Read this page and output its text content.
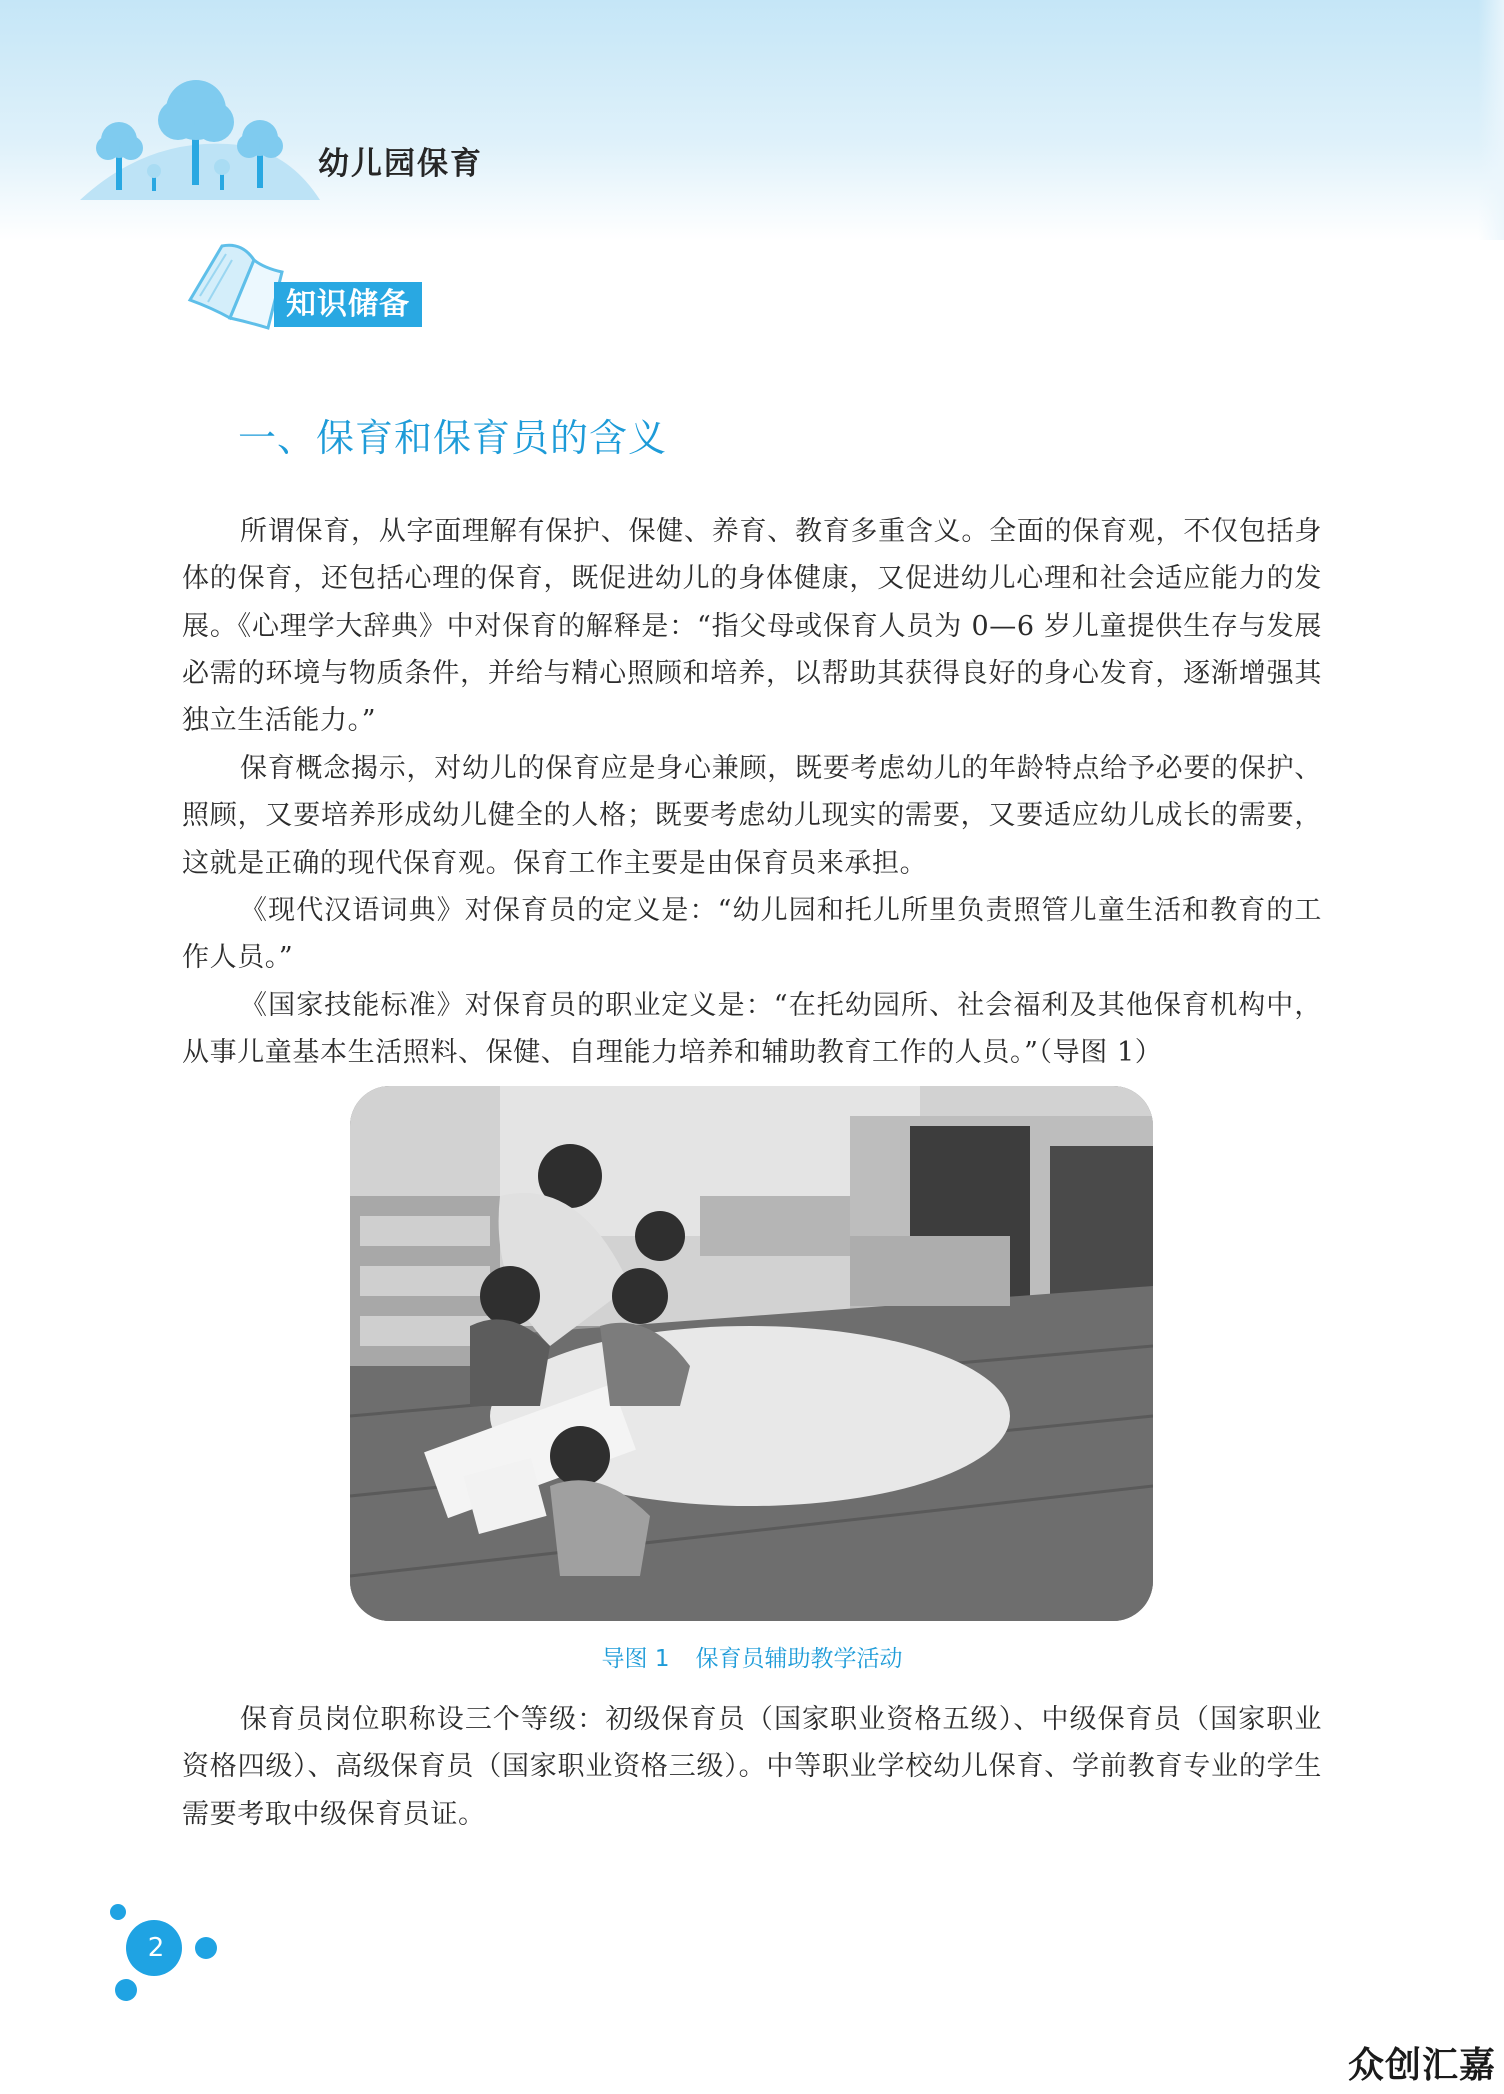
幼儿园保育
知识储备
一、保育和保育员的含义

所谓保育，从字面理解有保护、保健、养育、教育多重含义。全面的保育观，不仅包括身体的保育，还包括心理的保育，既促进幼儿的身体健康，又促进幼儿心理和社会适应能力的发展。《心理学大辞典》中对保育的解释是：“指父母或保育人员为 0—6 岁儿童提供生存与发展必需的环境与物质条件，并给与精心照顾和培养，以帮助其获得良好的身心发育，逐渐增强其独立生活能力。”

保育概念揭示，对幼儿的保育应是身心兼顾，既要考虑幼儿的年龄特点给予必要的保护、照顾，又要培养形成幼儿健全的人格；既要考虑幼儿现实的需要，又要适应幼儿成长的需要，这就是正确的现代保育观。保育工作主要是由保育员来承担。

《现代汉语词典》对保育员的定义是：“幼儿园和托儿所里负责照管儿童生活和教育的工作人员。”

《国家技能标准》对保育员的职业定义是：“在托幼园所、社会福利及其他保育机构中，从事儿童基本生活照料、保健、自理能力培养和辅助教育工作的人员。”（导图 1）

导图 1 保育员辅助教学活动

保育员岗位职称设三个等级：初级保育员（国家职业资格五级）、中级保育员（国家职业资格四级）、高级保育员（国家职业资格三级）。中等职业学校幼儿保育、学前教育专业的学生需要考取中级保育员证。

2
众创汇嘉
